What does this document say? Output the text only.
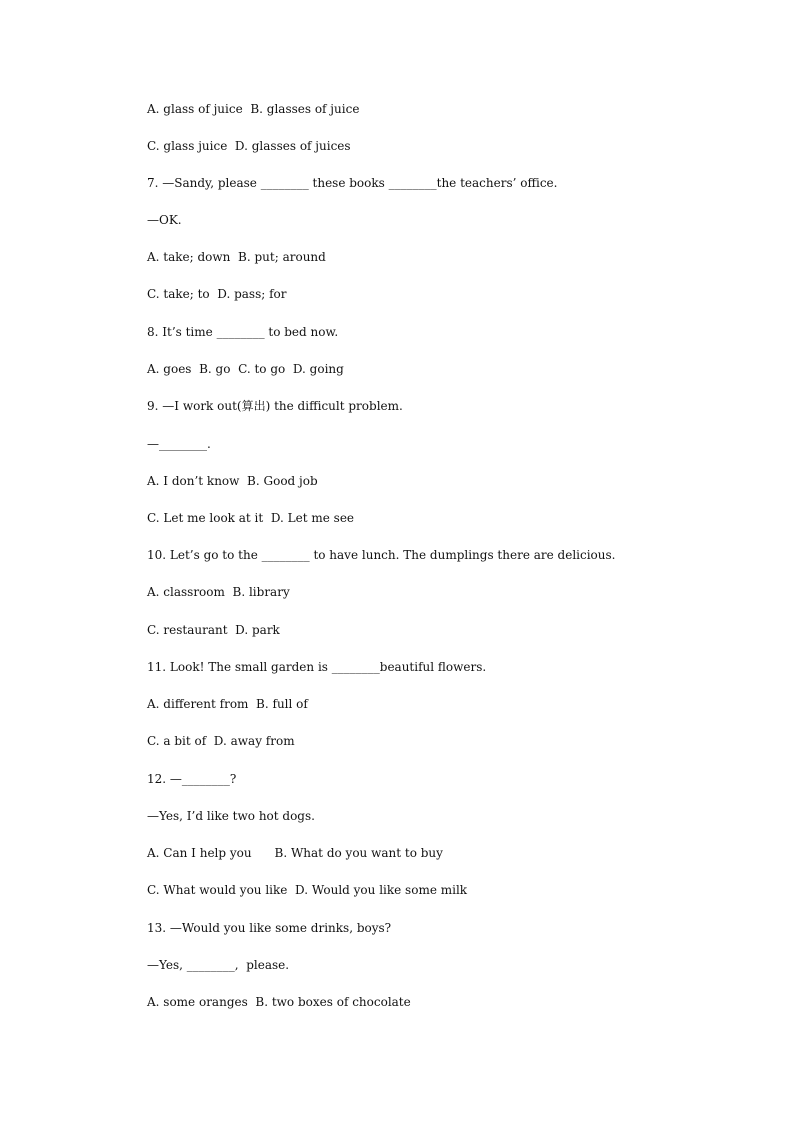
A. glass of juice  B. glasses of juice

C. glass juice  D. glasses of juices

7. —Sandy, please ________ these books ________the teachers’ office.

—OK.

A. take; down  B. put; around

C. take; to  D. pass; for

8. It’s time ________ to bed now.

A. goes  B. go  C. to go  D. going

9. —I work out(算出) the difficult problem.

—________.

A. I don’t know  B. Good job

C. Let me look at it  D. Let me see

10. Let’s go to the ________ to have lunch. The dumplings there are delicious.

A. classroom  B. library

C. restaurant  D. park

11. Look! The small garden is ________beautiful flowers.

A. different from  B. full of

C. a bit of  D. away from

12. —________?

—Yes, I’d like two hot dogs.

A. Can I help you      B. What do you want to buy

C. What would you like  D. Would you like some milk

13. —Would you like some drinks, boys?

—Yes, ________,  please.

A. some oranges  B. two boxes of chocolate
